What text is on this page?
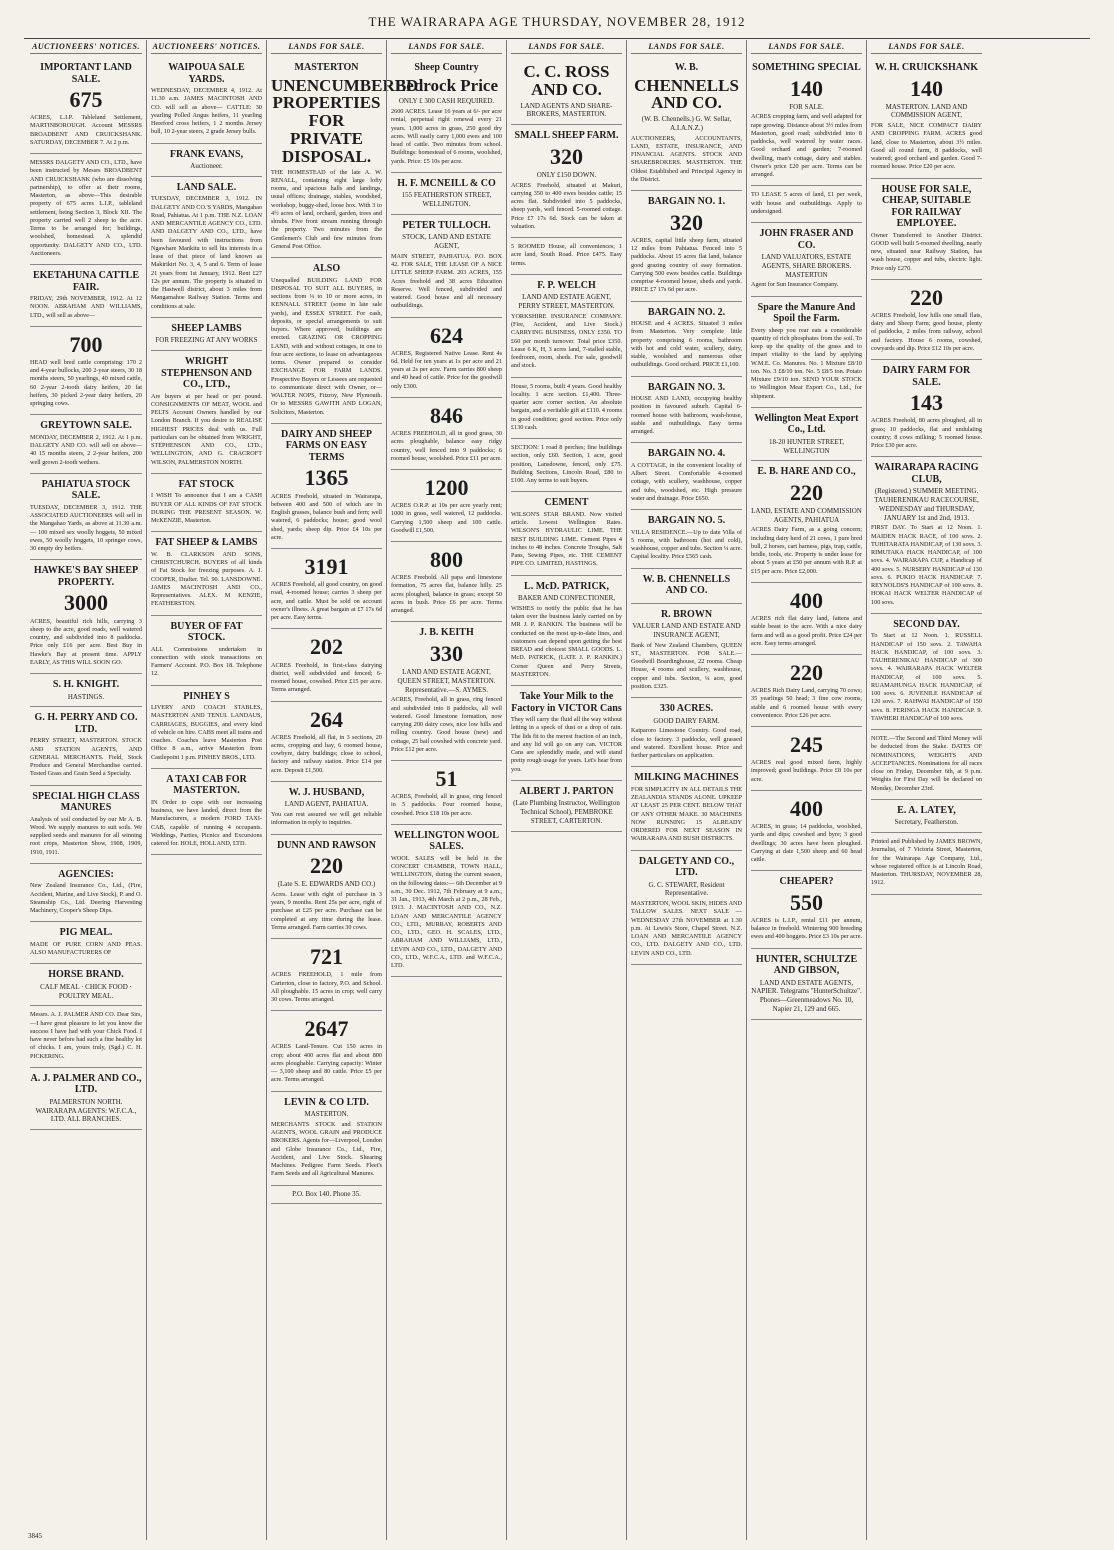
THE WAIRARAPA AGE THURSDAY, NOVEMBER 28, 1912
AUCTIONEERS' NOTICES.
IMPORTANT LAND SALE.
675
ACRES, L.I.P. Tableland Settlement, MARTINBOROUGH. Account MESSRS BROADBENT AND CRUICKSHANK. SATURDAY, DECEMBER 7. At 2 p.m.
MESSRS DALGETY AND CO., LTD., have been instructed by Messrs BROADBENT AND CRUICKSHANK (who are dissolving partnership), to offer at their rooms, Masterton, as above—This desirable property of 675 acres L.I.P., tableland settlement, being Section 3, Block XII. The property carried well 2 sheep to the acre. Terms to be arranged for; buildings, woolshed, homestead. A splendid opportunity. DALGETY AND CO., LTD. Auctioneers.
EKETAHUNA CATTLE FAIR.
FRIDAY, 29th NOVEMBER, 1912. At 12 NOON. ABRAHAM AND WILLIAMS, LTD., will sell as above—
700
HEAD well bred cattle comprising: 170 2 and 4-year bullocks, 200 2-year steers, 30 18 months steers, 50 yearlings, 40 mixed cattle, 60 2-year 2-tooth dairy heifers, 20 fat heifers, 30 picked 2-year dairy heifers, 20 springing cows.
GREYTOWN SALE.
MONDAY, DECEMBER 2, 1912. At 1 p.m. DALGETY AND CO. will sell on above— 40 15 months steers, 2 2-year heifers, 200 well grown 2-tooth wethers.
PAHIATUA STOCK SALE.
TUESDAY, DECEMBER 3, 1912. THE ASSOCIATED AUCTIONEERS will sell in the Mangahao Yards, as above at 11.30 a.m.— 100 mixed sex woolly hoggets, 50 mixed ewes, 50 woolly hoggets, 10 springer cows, 30 empty dry heifers.
HAWKE'S BAY SHEEP PROPERTY.
3000
ACRES, beautiful rich hills, carrying 3 sheep to the acre, good roads, well watered country, and subdivided into 8 paddocks. Price only £16 per acre. Best Buy in Hawke's Bay at present time. APPLY EARLY, AS THIS WILL SOON GO.
S. H. KNIGHT.
HASTINGS.
G. H. PERRY AND CO. LTD.
PERRY STREET, MASTERTON. STOCK AND STATION AGENTS, AND GENERAL MERCHANTS. Field, Stock Produce and General Merchandise carried. Tested Grass and Grain Seed a Specialty.
SPECIAL HIGH CLASS MANURES
Analysis of soil conducted by our Mr A. B. Wood. We supply manures to suit soils. We supplied seeds and manures for all winning root crops, Masterton Show, 1908, 1909, 1910, 1911.
AGENCIES:
New Zealand Insurance Co., Ltd., (Fire, Accident, Marine, and Live Stock), P. and O. Steamship Co., Ltd. Deering Harvesting Machinery, Cooper's Sheep Dips.
PIG MEAL.
MADE OF PURE CORN AND PEAS. ALSO MANUFACTURERS OF
HORSE BRAND.
CALF MEAL · CHICK FOOD · POULTRY MEAL.
Messrs. A. J. PALMER AND CO. Dear Sirs,—I have great pleasure to let you know the success I have had with your Chick Food. I have never before had such a fine healthy lot of chicks. I am, yours truly, (Sgd.) C. H. PICKERING.
A. J. PALMER AND CO., LTD.
PALMERSTON NORTH. WAIRARAPA AGENTS: W.F.C.A., LTD. ALL BRANCHES.
AUCTIONEERS' NOTICES.
WAIPOUA SALE YARDS.
WEDNESDAY, DECEMBER 4, 1912. At 11.30 a.m. JAMES MACINTOSH AND CO. will sell as above— CATTLE: 30 yearling Polled Angus heifers, 11 yearling Hereford cross heifers, 1 2 months Jersey bull, 10 2-year steers, 2 grade Jersey bulls.
FRANK EVANS,
Auctioneer.
LAND SALE.
TUESDAY, DECEMBER 3, 1912. IN DALGETY AND CO.'S YARDS, Mangahao Road, Pahiatua. At 1 p.m. THE N.Z. LOAN AND MERCANTILE AGENCY CO., LTD. AND DALGETY AND CO., LTD., have been favoured with instructions from Ngawhare Mankitu to sell his interests in a lease of that piece of land known as Makirikiri No. 3, 4, 5 and 6. Term of lease 21 years from 1st January, 1912. Rent £27 12s per annum. The property is situated in the Hastwell district, about 3 miles from Mangamahoe Railway Station. Terms and conditions at sale.
SHEEP LAMBS
FOR FREEZING AT ANY WORKS
WRIGHT STEPHENSON AND CO., LTD.,
Are buyers at per head or per pound. CONSIGNMENTS OF MEAT, WOOL and PELTS Account Owners handled by our London Branch. If you desire to REALISE HIGHEST PRICES deal with us. Full particulars can be obtained from WRIGHT, STEPHENSON AND CO., LTD., WELLINGTON, AND G. CRACROFT WILSON, PALMERSTON NORTH.
FAT STOCK
I WISH To announce that I am a CASH BUYER OF ALL KINDS OF FAT STOCK DURING THE PRESENT SEASON. W. McKENZIE, Masterton.
FAT SHEEP & LAMBS
W. B. CLARKSON AND SONS, CHRISTCHURCH. BUYERS of all kinds of Fat Stock for freezing purposes. A. J. COOPER, Drafter. Tel. 90. LANSDOWNE. JAMES MACINTOSH AND CO., Representatives. ALEX. M KENZIE, FEATHERSTON.
BUYER OF FAT STOCK.
ALL Commissions undertaken in connection with stock transactions on Farmers' Account. P.O. Box 18. Telephone 12.
PINHEY S
LIVERY AND COACH STABLES, MASTERTON AND TENUI. LANDAUS, CARRIAGES, BUGGIES, and every kind of vehicle on hire. CABS meet all trains and coaches. Coaches leave Masterton Post Office 8 a.m., arrive Masterton from Castlepoint 1 p.m. PINHEY BROS., LTD.
A TAXI CAB FOR MASTERTON.
IN Order to cope with our increasing business, we have landed, direct from the Manufacturers, a modern FORD TAXI-CAB, capable of running 4 occupants. Weddings, Parties, Picnics and Excursions catered for. HOLE, HOLLAND, LTD.
LANDS FOR SALE.
MASTERTON
UNENCUMBERED PROPERTIES FOR PRIVATE DISPOSAL.
THE HOMESTEAD of the late A. W. RENALL, containing eight large lofty rooms, and spacious halls and landings, usual offices; drainage, stables, woodshed, workshop, buggy-shed, loose box. With 3 to 4½ acres of land, orchard, garden, trees and shrubs. Five front stream running through the property. Two minutes from the Gentlemen's Club and few minutes from General Post Office.
ALSO
Unequalled BUILDING LAND FOR DISPOSAL TO SUIT ALL BUYERS, in sections from ¼ to 10 or more acres, in KENNALL STREET (some in late sale yards), and ESSEX STREET. For cash, deposits, or special arrangements to suit buyers. Where approved, buildings are erected. GRAZING OR CROPPING LAND, with and without cottages, in one to four acre sections, to lease on advantageous terms. Owner prepared to consider EXCHANGE FOR FARM LANDS. Prospective Buyers or Lessees are requested to communicate direct with Owner, or— WALTER NOPS, Fitzroy, New Plymouth. Or to MESSRS GAWITH AND LOGAN, Solicitors, Masterton.
DAIRY AND SHEEP FARMS ON EASY TERMS
1365
ACRES Freehold, situated in Wairarapa, between 400 and 500 of which are in English grasses, balance bush and fern; well watered, 6 paddocks; house; good wool shed, yards; sheep dip. Price £4 10s per acre.
3191
ACRES Freehold, all good country, on good road, 4-roomed house; carries 3 sheep per acre, and cattle. Must be sold on account owner's illness. A great bargain at £7 17s 6d per acre. Easy terms.
202
ACRES Freehold, in first-class dairying district, well subdivided and fenced; 6-roomed house, cowshed. Price £15 per acre. Terms arranged.
264
ACRES Freehold, all flat, in 3 sections, 20 acres, cropping and hay, 6 roomed house, cowbyre, dairy buildings; close to school, factory and railway station. Price £14 per acre. Deposit £1,500.
W. J. HUSBAND,
LAND AGENT, PAHIATUA.
You can rest assured we will get reliable information in reply to inquiries.
DUNN AND RAWSON
220
(Late S. E. EDWARDS AND CO.)
Acres. Lease with right of purchase in 3 years, 9 months. Rent 25s per acre, right of purchase at £25 per acre. Purchase can be completed at any time during the lease. Terms arranged. Farm carries 30 cows.
721
ACRES FREEHOLD, 1 mile from Carterton, close to factory, P.O. and School. All ploughable. 15 acres in crop; well carry 30 cows. Terms arranged.
2647
ACRES Land-Tenure. Cut 150 acres in crop; about 400 acres flat and about 800 acres ploughable. Carrying capacity: Winter— 3,100 sheep and 80 cattle. Price £5 per acre. Terms arranged.
LEVIN & CO LTD.
MASTERTON.
MERCHANTS STOCK and STATION AGENTS, WOOL GRAIN and PRODUCE BROKERS. Agents for—Liverpool, London and Globe Insurance Co., Ltd., Fire, Accident, and Live Stock. Shearing Machines. Pedigree Farm Seeds. Fleet's Farm Seeds and all Agricultural Manures.
P.O. Box 140. Phone 35.
LANDS FOR SALE.
Sheep Country
Bedrock Price
ONLY £ 300 CASH REQUIRED.
2600 ACRES. Lease 16 years at 6/- per acre rental, perpetual right renewal every 21 years. 1,000 acres in grass, 250 good dry acres. Will easily carry 1,000 ewes and 100 head of cattle. Two minutes from school. Buildings: homestead of 6 rooms, woolshed, yards. Price: £5 10s per acre.
H. F. MCNEILL & CO
155 FEATHERSTON STREET, WELLINGTON.
PETER TULLOCH.
STOCK, LAND AND ESTATE AGENT,
MAIN STREET, PAHIATUA. P.O. BOX 42. FOR SALE, THE LEASE OF A NICE LITTLE SHEEP FARM. 203 ACRES, 155 Acres freehold and 38 acres Education Reserve. Well fenced, subdivided and watered. Good house and all necessary outbuildings.
624
ACRES, Registered Native Lease. Rent 4s 6d. Held for ten years at 1s per acre and 21 years at 2s per acre. Farm carries 800 sheep and 40 head of cattle. Price for the goodwill only £300.
846
ACRES FREEHOLD, all in good grass, 30 acres ploughable, balance easy ridgy country, well fenced into 9 paddocks; 6 roomed house, woolshed. Price £11 per acre.
1200
ACRES O.R.P. at 10s per acre yearly rent; 1000 in grass, well watered, 12 paddocks. Carrying 1,500 sheep and 100 cattle. Goodwill £1,500.
800
ACRES Freehold. All papa and limestone formation, 75 acres flat, balance hilly. 25 acres ploughed, balance in grass; except 50 acres in bush. Price £6 per acre. Terms arranged.
J. B. KEITH
330
LAND AND ESTATE AGENT, QUEEN STREET, MASTERTON. Representative.—S. AYMES.
ACRES, Freehold, all in grass, ring fenced and subdivided into 8 paddocks, all well watered. Good limestone formation, now carrying 200 dairy cows, nice low hills and rolling country. Good house (new) and cottage, 25 bail cowshed with concrete yard. Price £12 per acre.
51
ACRES, Freehold, all in grass, ring fenced in 5 paddocks. Four roomed house, cowshed. Price £18 10s per acre.
WELLINGTON WOOL SALES.
WOOL SALES will be held in the CONCERT CHAMBER, TOWN HALL, WELLINGTON, during the current season, on the following dates:— 6th December at 9 a.m., 30 Dec. 1912, 7th February at 9 a.m., 31 Jan., 1913, 4th March at 2 p.m., 28 Feb., 1913. J. MACINTOSH AND CO., N.Z. LOAN AND MERCANTILE AGENCY CO., LTD., MURRAY, ROBERTS AND CO., LTD., GEO. H. SCALES, LTD., ABRAHAM AND WILLIAMS, LTD., LEVIN AND CO., LTD., DALGETY AND CO., LTD., W.F.C.A., LTD. and W.F.C.A., LTD.
LANDS FOR SALE.
C. C. ROSS AND CO.
LAND AGENTS AND SHARE-BROKERS, MASTERTON.
SMALL SHEEP FARM.
320
ONLY £150 DOWN.
ACRES Freehold, situated at Makuri, carrying 350 to 400 ewes besides cattle; 15 acres flat. Subdivided into 5 paddocks, sheep yards, well fenced. 5-roomed cottage. Price £7 17s 6d. Stock can be taken at valuation.
5 ROOMED House, all conveniences; 1 acre land, South Road. Price £475. Easy terms.
F. P. WELCH
LAND AND ESTATE AGENT, PERRY STREET, MASTERTON.
YORKSHIRE INSURANCE COMPANY. (Fire, Accident, and Live Stock.) CARRYING BUSINESS, ONLY £350. TO £60 per month turnover. Total price £350. Lease 6 K, H, 3 acres land, 7-stalled stable, feedroom, room, sheds. For sale, goodwill and stock.
House, 5 rooms, built 4 years. Good healthy locality. 1 acre section. £1,400. Three-quarter acre corner section. An absolute bargain, and a veritable gift at £110. 4 rooms in good condition; good section. Price only £130 cash.
SECTION: 1 road 8 perches; fine buildings section, only £60. Section, 1 acre, good position, Lansdowne, fenced, only £75. Building Sections, Lincoln Road, £80 to £100. Any terms to suit buyers.
CEMENT
WILSON'S STAR BRAND. Now visited article. Lowest Wellington Rates. WILSON'S HYDRAULIC LIME. THE BEST BUILDING LIME. Cement Pipes 4 inches to 48 inches. Concrete Troughs, Salt Pans, Sewing Pipes, etc. THE CEMENT PIPE CO. LIMITED, HASTINGS.
L. McD. PATRICK,
BAKER AND CONFECTIONER,
WISHES to notify the public that he has taken over the business lately carried on by MR J. P. RANKIN. The business will be conducted on the most up-to-date lines, and customers can depend upon getting the best BREAD and choicest SMALL GOODS. L. McD. PATRICK, (LATE J. P. RANKIN.) Corner Queen and Perry Streets, MASTERTON.
Take Your Milk to the Factory in VICTOR Cans
They will carry the fluid all the way without letting in a speck of dust or a drop of rain. The lids fit to the merest fraction of an inch, and any lid will go on any can. VICTOR Cans are splendidly made, and will stand pretty rough usage for years. Let's hear from you.
ALBERT J. PARTON
(Late Plumbing Instructor, Wellington Technical School), PEMBROKE STREET, CARTERTON.
LANDS FOR SALE.
W. B.
CHENNELLS AND CO.
(W. B. Chennells.) G. W. Sellar, A.I.A.N.Z.)
AUCTIONEERS, ACCOUNTANTS, LAND, ESTATE, INSURANCE, AND FINANCIAL AGENTS. STOCK AND SHAREBROKERS. MASTERTON. THE Oldest Established and Principal Agency in the District.
BARGAIN NO. 1.
320
ACRES, capital little sheep farm, situated 12 miles from Pahiatua. Fenced into 5 paddocks. About 15 acres flat land, balance good grazing country of easy formation. Carrying 500 ewes besides cattle. Buildings comprise 4-roomed house, sheds and yards. PRICE £7 17s 6d per acre.
BARGAIN NO. 2.
HOUSE and 4 ACRES. Situated 3 miles from Masterton. Very complete little property comprising 6 rooms, bathroom with hot and cold water, scullery, dairy, stable, woolshed and numerous other outbuildings. Good orchard. PRICE £1,100.
BARGAIN NO. 3.
HOUSE AND LAND, occupying healthy position in favoured suburb. Capital 6-roomed house with bathroom, wash-house, stable and outbuildings. Easy terms arranged.
BARGAIN NO. 4.
A COTTAGE, in the convenient locality of Albert Street. Comfortable 4-roomed cottage, with scullery, washhouse, copper and tubs, woodshed, etc. High pressure water and drainage. Price £650.
BARGAIN NO. 5.
VILLA RESIDENCE.—Up to date Villa of 5 rooms, with bathroom (hot and cold), washhouse, copper and tubs. Section ¼ acre. Capital locality. Price £565 cash.
W. B. CHENNELLS AND CO.
R. BROWN
VALUER LAND AND ESTATE AND INSURANCE AGENT,
Bank of New Zealand Chambers, QUEEN ST., MASTERTON. FOR SALE.—Goodwill Boardinghouse, 22 rooms. Cheap House, 4 rooms and scullery, washhouse, copper and tubs. Section, ¼ acre, good position. £325.
330 ACRES.
GOOD DAIRY FARM.
Kaiparoro Limestone Country. Good road, close to factory. 3 paddocks, well grassed and watered. Excellent house. Price and further particulars on application.
MILKING MACHINES
FOR SIMPLICITY IN ALL DETAILS THE ZEALANDIA STANDS ALONE. UPKEEP AT LEAST 25 PER CENT. BELOW THAT OF ANY OTHER MAKE. 30 MACHINES NOW RUNNING 15 ALREADY ORDERED FOR NEXT SEASON IN WAIRARAPA AND BUSH DISTRICTS.
DALGETY AND CO., LTD.
G. C. STEWART, Resident Representative.
MASTERTON, WOOL SKIN, HIDES AND TALLOW SALES. NEXT SALE — WEDNESDAY 27th NOVEMBER at 1.30 p.m. At Lewis's Store, Chapel Street. N.Z. LOAN AND MERCANTILE AGENCY CO., LTD. DALGETY AND CO., LTD. LEVIN AND CO., LTD.
LANDS FOR SALE.
SOMETHING SPECIAL
140
FOR SALE.
ACRES cropping farm, and well adapted for rape growing. Distance about 3½ miles from Masterton, good road; subdivided into 8 paddocks, well watered by water races. Good orchard and garden; 7-roomed dwelling, man's cottage, dairy and stables. Owner's price £20 per acre. Terms can be arranged.
TO LEASE 5 acres of land, £1 per week, with house and outbuildings. Apply to undersigned.
JOHN FRASER AND CO.
LAND VALUATORS, ESTATE AGENTS, SHARE BROKERS. MASTERTON
Agent for Sun Insurance Company.
Spare the Manure And Spoil the Farm.
Every sheep you rear eats a considerable quantity of rich phosphates from the soil. To keep up the quality of the grass and to impart vitality to the land by applying W.M.E. Co. Manures. No. 1 Mixture £8/10 ton. No. 3 £8/10 ton. No. 5 £8/5 ton. Potato Mixture £9/10 ton. SEND YOUR STOCK to Wellington Meat Export Co., Ltd., for shipment.
Wellington Meat Export Co., Ltd.
18-20 HUNTER STREET, WELLINGTON
E. B. HARE AND CO.,
220
LAND, ESTATE AND COMMISSION AGENTS, PAHIATUA
ACRES Dairy Farm, as a going concern; including dairy herd of 21 cows, 1 pure bred bull, 2 horses, cart harness, pigs, trap, cattle, bridle, tools, etc. Property is under lease for about 5 years at £50 per annum with R.P. at £15 per acre. Price £2,000.
400
ACRES rich flat dairy land, fattens and stable beast to the acre. With a nice dairy farm and will as a good profit. Price £24 per acre. Easy terms arranged.
220
ACRES Rich Dairy Land, carrying 70 cows; 35 yearlings 50 head; 3 fine cow rooms, stable and 6 roomed house with every convenience. Price £26 per acre.
245
ACRES real good mixed farm, highly improved; good buildings. Price £8 10s per acre.
400
ACRES, in grass; 14 paddocks, woolshed, yards and dips; cowshed and byre; 3 good dwellings; 30 acres have been ploughed. Carrying at date 1,500 sheep and 60 head cattle.
CHEAPER?
550
ACRES is L.I.P., rental £11 per annum, balance in freehold. Wintering 900 breeding ewes and 400 hoggets. Price £3 10s per acre.
HUNTER, SCHULTZE AND GIBSON,
LAND AND ESTATE AGENTS, NAPIER. Telegrams "HunterSchultze". Phones—Greenmeadows No. 10, Napier 21, 129 and 665.
LANDS FOR SALE.
W. H. CRUICKSHANK
140
MASTERTON. LAND AND COMMISSION AGENT,
FOR SALE, NICE COMPACT DAIRY AND CROPPING FARM. ACRES good land, close to Masterton, about 3½ miles. Good all round farm, 8 paddocks, well watered; good orchard and garden. Good 7-roomed house. Price £20 per acre.
HOUSE FOR SALE, CHEAP, SUITABLE FOR RAILWAY EMPLOYEE.
Owner Transferred to Another District. GOOD well built 5-roomed dwelling, nearly new, situated near Railway Station, has wash house, copper and tubs, electric light. Price only £270.
220
ACRES Freehold, low hills one small flats, dairy and Sheep Farm; good house, plenty of paddocks, 2 miles from railway, school and factory. House 6 rooms, cowshed, cowyards and dip. Price £12 10s per acre.
DAIRY FARM FOR SALE.
143
ACRES Freehold, 80 acres ploughed, all in grass; 10 paddocks, flat and undulating country; 8 cows milking; 5 roomed house. Price £30 per acre.
WAIRARAPA RACING CLUB,
(Registered.) SUMMER MEETING. TAUHERENIKAU RACECOURSE, WEDNESDAY and THURSDAY, JANUARY 1st and 2nd, 1913.
FIRST DAY. To Start at 12 Noon. 1. MAIDEN HACK RACE, of 100 sovs. 2. TUHITARATA HANDICAP, of 130 sovs. 3. RIMUTAKA HACK HANDICAP, of 100 sovs. 4. WAIRARAPA CUP, a Handicap of 400 sovs. 5. NURSERY HANDICAP of 130 sovs. 6. PUKIO HACK HANDICAP. 7. REYNOLDS'S HANDICAP of 100 sovs. 8. HOKAI HACK WELTER HANDICAP of 100 sovs.
SECOND DAY.
To Start at 12 Noon. 1. RUSSELL HANDICAP of 150 sovs. 2. TAWAHA HACK HANDICAP, of 100 sovs. 3. TAUHERENIKAU HANDICAP of 300 sovs. 4. WAIRARAPA HACK WELTER HANDICAP, of 100 sovs. 5. RUAMAHUNGA HACK HANDICAP, of 100 sovs. 6. JUVENILE HANDICAP of 120 sovs. 7. RAHWAI HANDICAP of 150 sovs. 8. FERINGA HACK HANDICAP. 9. TAWHERI HANDICAP of 100 sovs.
NOTE.—The Second and Third Money will be deducted from the Stake. DATES OF NOMINATIONS, WEIGHTS AND ACCEPTANCES. Nominations for all races close on Friday, December 6th, at 9 p.m. Weights for First Day will be declared on Monday, December 23rd.
E. A. LATEY,
Secretary, Featherston.
Printed and Published by JAMES BROWN, Journalist, of 7 Victoria Street, Masterton, for the Wairarapa Age Company, Ltd., whose registered office is at Lincoln Road, Masterton. THURSDAY, NOVEMBER 28, 1912.
3845
